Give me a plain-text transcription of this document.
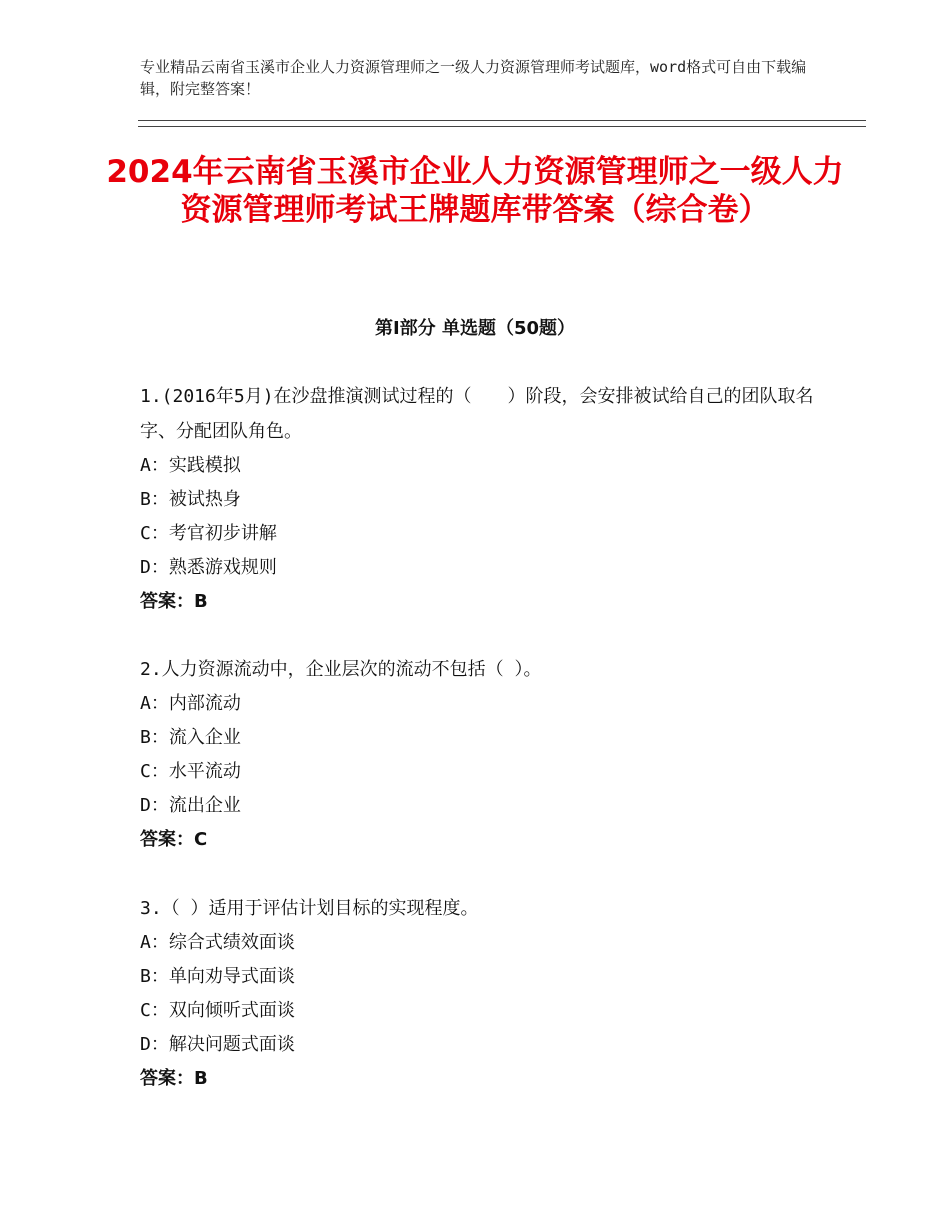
专业精品云南省玉溪市企业人力资源管理师之一级人力资源管理师考试题库，word格式可自由下载编辑，附完整答案！
2024年云南省玉溪市企业人力资源管理师之一级人力资源管理师考试王牌题库带答案（综合卷）
第Ⅰ部分 单选题（50题）
1.(2016年5月)在沙盘推演测试过程的（　　）阶段，会安排被试给自己的团队取名字、分配团队角色。
A：实践模拟
B：被试热身
C：考官初步讲解
D：熟悉游戏规则
答案：B
2.人力资源流动中，企业层次的流动不包括（ ）。
A：内部流动
B：流入企业
C：水平流动
D：流出企业
答案：C
3.（ ）适用于评估计划目标的实现程度。
A：综合式绩效面谈
B：单向劝导式面谈
C：双向倾听式面谈
D：解决问题式面谈
答案：B
